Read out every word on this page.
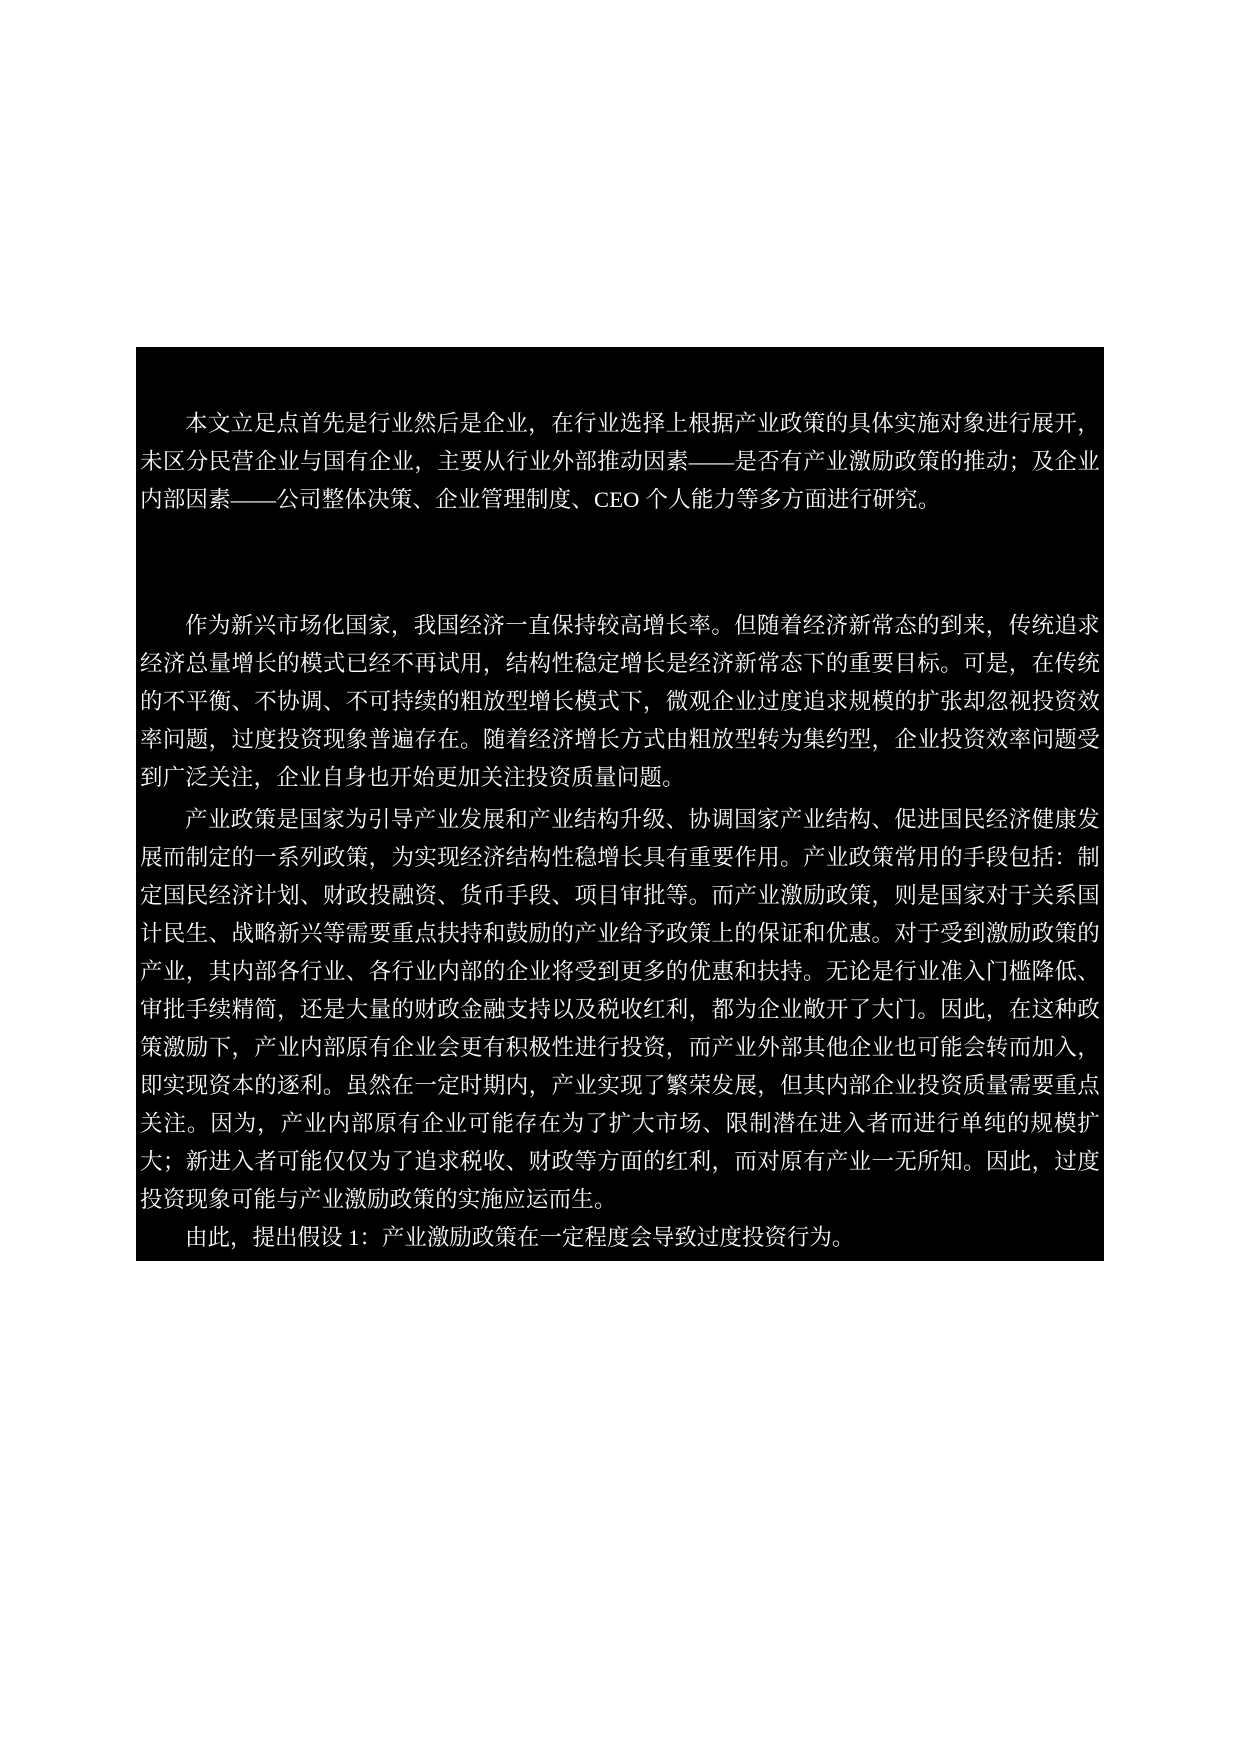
本文立足点首先是行业然后是企业，在行业选择上根据产业政策的具体实施对象进行展开，未区分民营企业与国有企业，主要从行业外部推动因素——是否有产业激励政策的推动；及企业内部因素——公司整体决策、企业管理制度、CEO 个人能力等多方面进行研究。

作为新兴市场化国家，我国经济一直保持较高增长率。但随着经济新常态的到来，传统追求经济总量增长的模式已经不再试用，结构性稳定增长是经济新常态下的重要目标。可是，在传统的不平衡、不协调、不可持续的粗放型增长模式下，微观企业过度追求规模的扩张却忽视投资效率问题，过度投资现象普遍存在。随着经济增长方式由粗放型转为集约型，企业投资效率问题受到广泛关注，企业自身也开始更加关注投资质量问题。

产业政策是国家为引导产业发展和产业结构升级、协调国家产业结构、促进国民经济健康发展而制定的一系列政策，为实现经济结构性稳增长具有重要作用。产业政策常用的手段包括：制定国民经济计划、财政投融资、货币手段、项目审批等。而产业激励政策，则是国家对于关系国计民生、战略新兴等需要重点扶持和鼓励的产业给予政策上的保证和优惠。对于受到激励政策的产业，其内部各行业、各行业内部的企业将受到更多的优惠和扶持。无论是行业准入门槛降低、审批手续精简，还是大量的财政金融支持以及税收红利，都为企业敞开了大门。因此，在这种政策激励下，产业内部原有企业会更有积极性进行投资，而产业外部其他企业也可能会转而加入，即实现资本的逐利。虽然在一定时期内，产业实现了繁荣发展，但其内部企业投资质量需要重点关注。因为，产业内部原有企业可能存在为了扩大市场、限制潜在进入者而进行单纯的规模扩大；新进入者可能仅仅为了追求税收、财政等方面的红利，而对原有产业一无所知。因此，过度投资现象可能与产业激励政策的实施应运而生。

由此，提出假设 1：产业激励政策在一定程度会导致过度投资行为。
